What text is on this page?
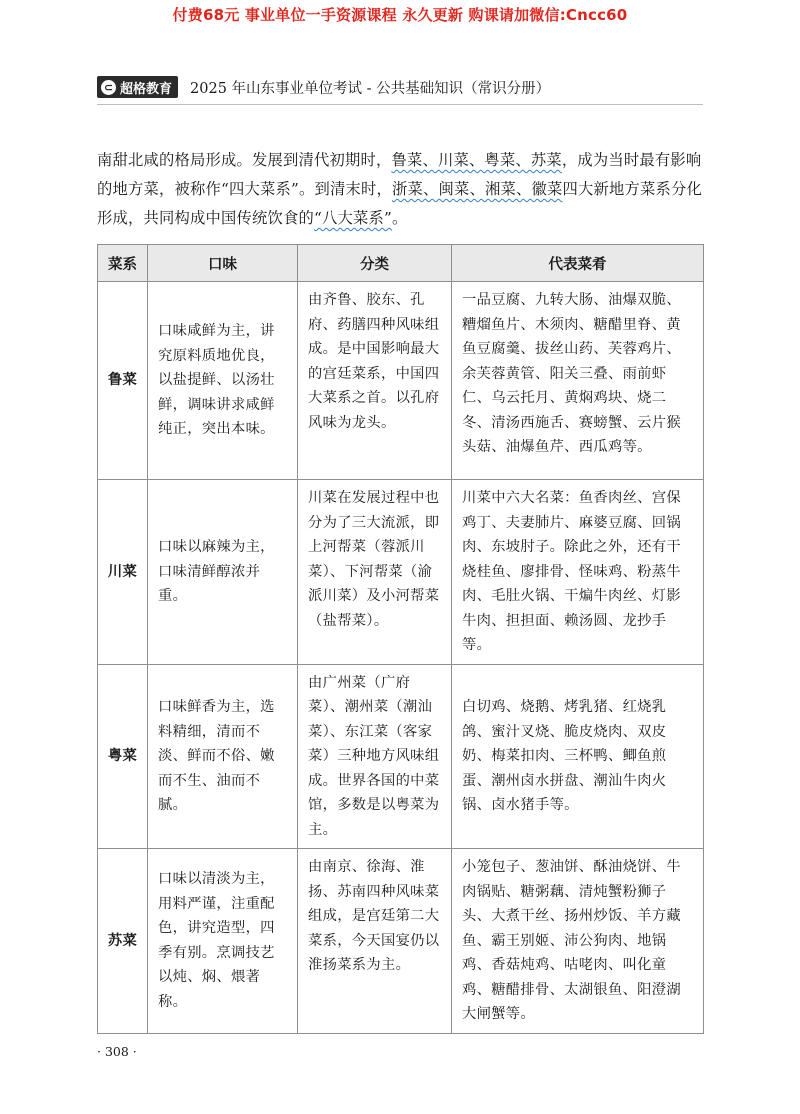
付费68元 事业单位一手资源课程 永久更新 购课请加微信:Cncc60
⊂ 超格教育 2025 年山东事业单位考试 - 公共基础知识（常识分册）
南甜北咸的格局形成。发展到清代初期时，鲁菜、川菜、粤菜、苏菜，成为当时最有影响的地方菜，被称作“四大菜系”。到清末时，浙菜、闽菜、湘菜、徽菜四大新地方菜系分化形成，共同构成中国传统饮食的“八大菜系”。
菜系	口味	分类	代表菜肴
鲁菜	口味咸鲜为主，讲究原料质地优良，以盐提鲜、以汤壮鲜，调味讲求咸鲜纯正，突出本味。	由齐鲁、胶东、孔府、药膳四种风味组成。是中国影响最大的宫廷菜系，中国四大菜系之首。以孔府风味为龙头。	一品豆腐、九转大肠、油爆双脆、糟熘鱼片、木须肉、糖醋里脊、黄鱼豆腐羹、拔丝山药、芙蓉鸡片、余芙蓉黄管、阳关三叠、雨前虾仁、乌云托月、黄焖鸡块、烧二冬、清汤西施舌、赛螃蟹、云片猴头菇、油爆鱼芹、西瓜鸡等。
川菜	口味以麻辣为主，口味清鲜醇浓并重。	川菜在发展过程中也分为了三大流派，即上河帮菜（蓉派川菜）、下河帮菜（渝派川菜）及小河帮菜（盐帮菜）。	川菜中六大名菜：鱼香肉丝、宫保鸡丁、夫妻肺片、麻婆豆腐、回锅肉、东坡肘子。除此之外，还有干烧桂鱼、廖排骨、怪味鸡、粉蒸牛肉、毛肚火锅、干煸牛肉丝、灯影牛肉、担担面、赖汤圆、龙抄手等。
粤菜	口味鲜香为主，选料精细，清而不淡、鲜而不俗、嫩而不生、油而不腻。	由广州菜（广府菜）、潮州菜（潮汕菜）、东江菜（客家菜）三种地方风味组成。世界各国的中菜馆，多数是以粤菜为主。	白切鸡、烧鹅、烤乳猪、红烧乳鸽、蜜汁叉烧、脆皮烧肉、双皮奶、梅菜扣肉、三杯鸭、鲫鱼煎蛋、潮州卤水拼盘、潮汕牛肉火锅、卤水猪手等。
苏菜	口味以清淡为主，用料严谨，注重配色，讲究造型，四季有别。烹调技艺以炖、焖、煨著称。	由南京、徐海、淮扬、苏南四种风味菜组成，是宫廷第二大菜系，今天国宴仍以淮扬菜系为主。	小笼包子、葱油饼、酥油烧饼、牛肉锅贴、糖粥藕、清炖蟹粉狮子头、大煮干丝、扬州炒饭、羊方藏鱼、霸王别姬、沛公狗肉、地锅鸡、香菇炖鸡、咕咾肉、叫化童鸡、糖醋排骨、太湖银鱼、阳澄湖大闸蟹等。
· 308 ·
